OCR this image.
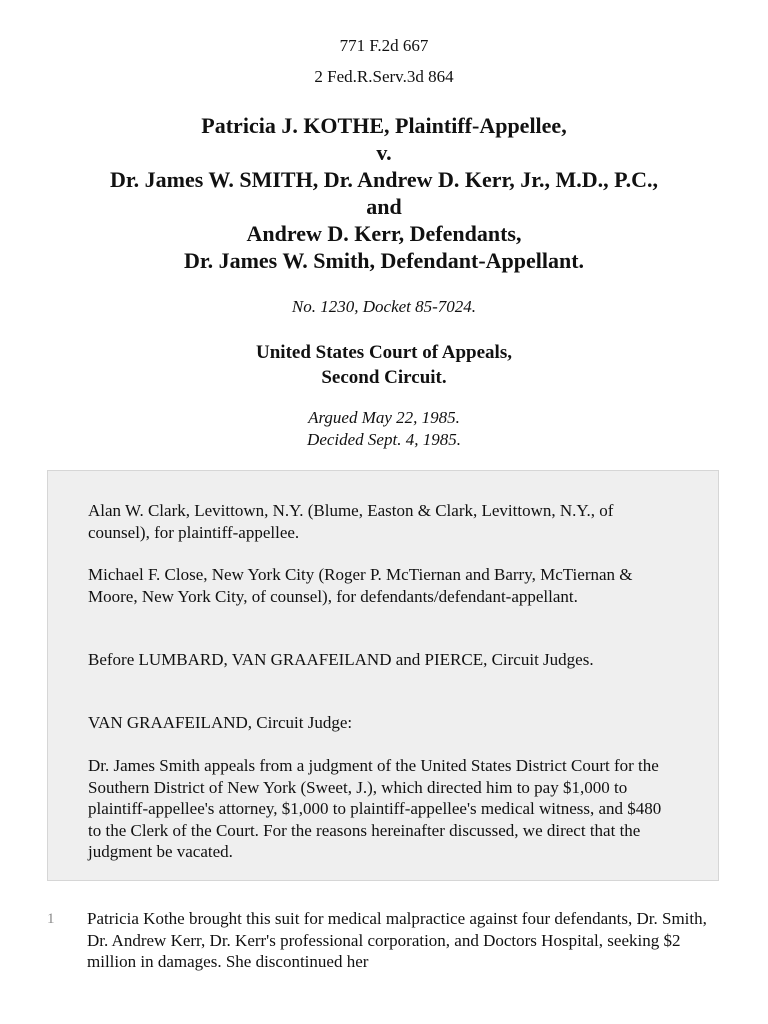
771 F.2d 667
2 Fed.R.Serv.3d 864
Patricia J. KOTHE, Plaintiff-Appellee,
v.
Dr. James W. SMITH, Dr. Andrew D. Kerr, Jr., M.D., P.C.,
and
Andrew D. Kerr, Defendants,
Dr. James W. Smith, Defendant-Appellant.
No. 1230, Docket 85-7024.
United States Court of Appeals,
Second Circuit.
Argued May 22, 1985.
Decided Sept. 4, 1985.

Alan W. Clark, Levittown, N.Y. (Blume, Easton & Clark, Levittown, N.Y., of counsel), for plaintiff-appellee.

Michael F. Close, New York City (Roger P. McTiernan and Barry, McTiernan & Moore, New York City, of counsel), for defendants/defendant-appellant.

Before LUMBARD, VAN GRAAFEILAND and PIERCE, Circuit Judges.

VAN GRAAFEILAND, Circuit Judge:

Dr. James Smith appeals from a judgment of the United States District Court for the Southern District of New York (Sweet, J.), which directed him to pay $1,000 to plaintiff-appellee's attorney, $1,000 to plaintiff-appellee's medical witness, and $480 to the Clerk of the Court. For the reasons hereinafter discussed, we direct that the judgment be vacated.

1 Patricia Kothe brought this suit for medical malpractice against four defendants, Dr. Smith, Dr. Andrew Kerr, Dr. Kerr's professional corporation, and Doctors Hospital, seeking $2 million in damages. She discontinued her
